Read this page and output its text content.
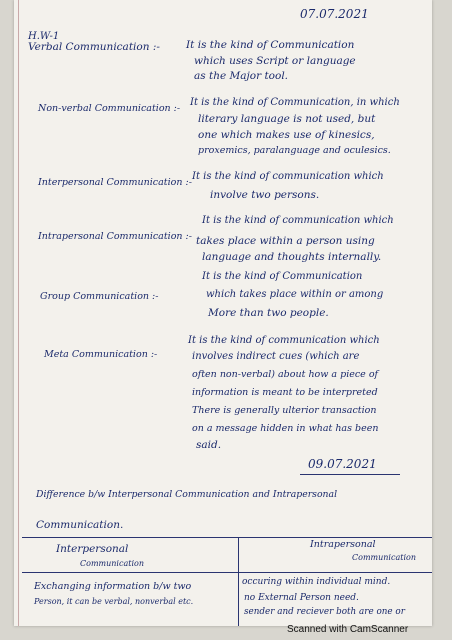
07.07.2021
H.W-1
Verbal Communication :- It is the kind of Communication
which uses Script or language
as the Major tool.
Non-verbal Communication :-
It is the kind of Communication, in which
literary language is not used, but
one which makes use of kinesics,
proxemics, paralanguage and oculesics.
Interpersonal Communication :-
It is the kind of communication which
involve two persons.
Intrapersonal Communication :-
It is the kind of communication which
takes place within a person using
language and thoughts internally.
Group Communication :-
It is the kind of Communication
which takes place within or among
More than two people.
Meta Communication :-
It is the kind of communication which
involves indirect cues (which are
often non-verbal) about how a piece of
information is meant to be interpreted
There is generally ulterior transaction
on a message hidden in what has been
said.
09.07.2021
Difference b/w Interpersonal Communication and Intrapersonal
Communication.
Interpersonal
Communication
Intrapersonal
Communication
Exchanging information b/w two
Person, it can be verbal, nonverbal etc.
occuring within individual mind.
no External Person need.
sender and reciever both are one or
Scanned with CamScanner
